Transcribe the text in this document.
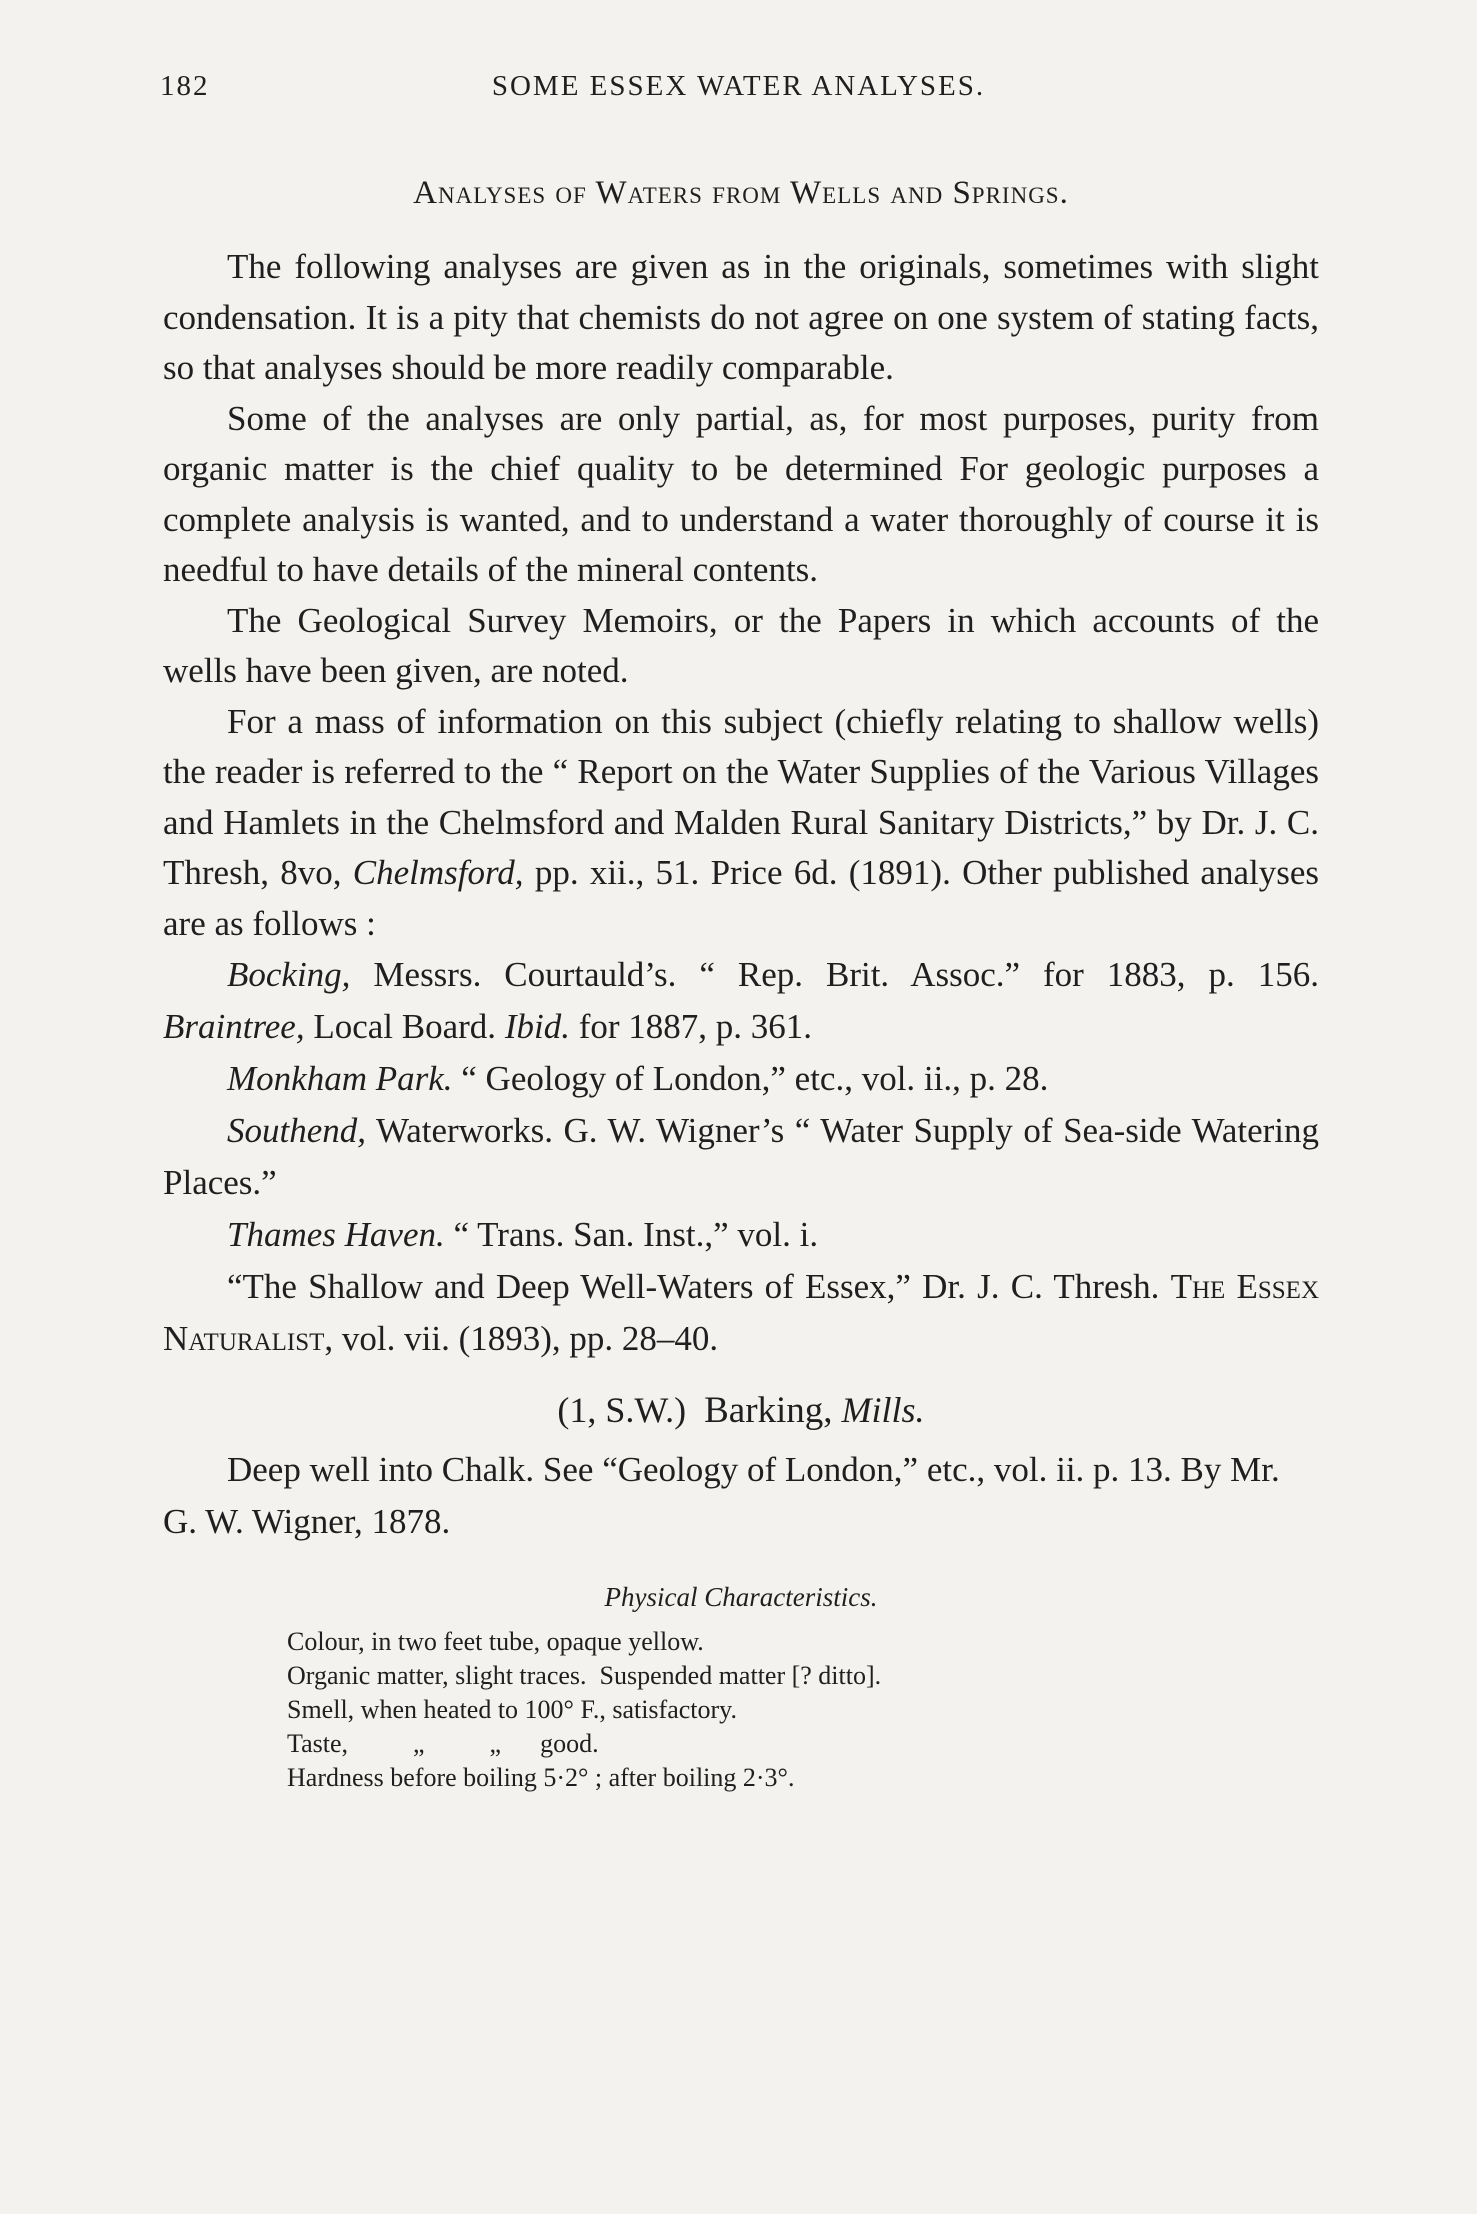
182	SOME ESSEX WATER ANALYSES.
Analyses of Waters from Wells and Springs.

The following analyses are given as in the originals, sometimes with slight condensation. It is a pity that chemists do not agree on one system of stating facts, so that analyses should be more readily comparable.

Some of the analyses are only partial, as, for most purposes, purity from organic matter is the chief quality to be determined For geologic purposes a complete analysis is wanted, and to understand a water thoroughly of course it is needful to have details of the mineral contents.

The Geological Survey Memoirs, or the Papers in which accounts of the wells have been given, are noted.

For a mass of information on this subject (chiefly relating to shallow wells) the reader is referred to the “ Report on the Water Supplies of the Various Villages and Hamlets in the Chelmsford and Malden Rural Sanitary Districts,” by Dr. J. C. Thresh, 8vo, Chelmsford, pp. xii., 51. Price 6d. (1891). Other published analyses are as follows :

Bocking, Messrs. Courtauld’s. “ Rep. Brit. Assoc.” for 1883, p. 156. Braintree, Local Board. Ibid. for 1887, p. 361.

Monkham Park. “ Geology of London,” etc., vol. ii., p. 28.

Southend, Waterworks. G. W. Wigner’s “ Water Supply of Sea-side Watering Places.”

Thames Haven. “ Trans. San. Inst.,” vol. i.

“The Shallow and Deep Well-Waters of Essex,” Dr. J. C. Thresh. The Essex Naturalist, vol. vii. (1893), pp. 28–40.

(1, S.W.) Barking, Mills.

Deep well into Chalk. See “Geology of London,” etc., vol. ii. p. 13. By Mr. G. W. Wigner, 1878.

Physical Characteristics.
Colour, in two feet tube, opaque yellow.
Organic matter, slight traces.  Suspended matter [? ditto].
Smell, when heated to 100° F., satisfactory.
Taste,          „          „      good.
Hardness before boiling 5·2° ; after boiling 2·3°.
